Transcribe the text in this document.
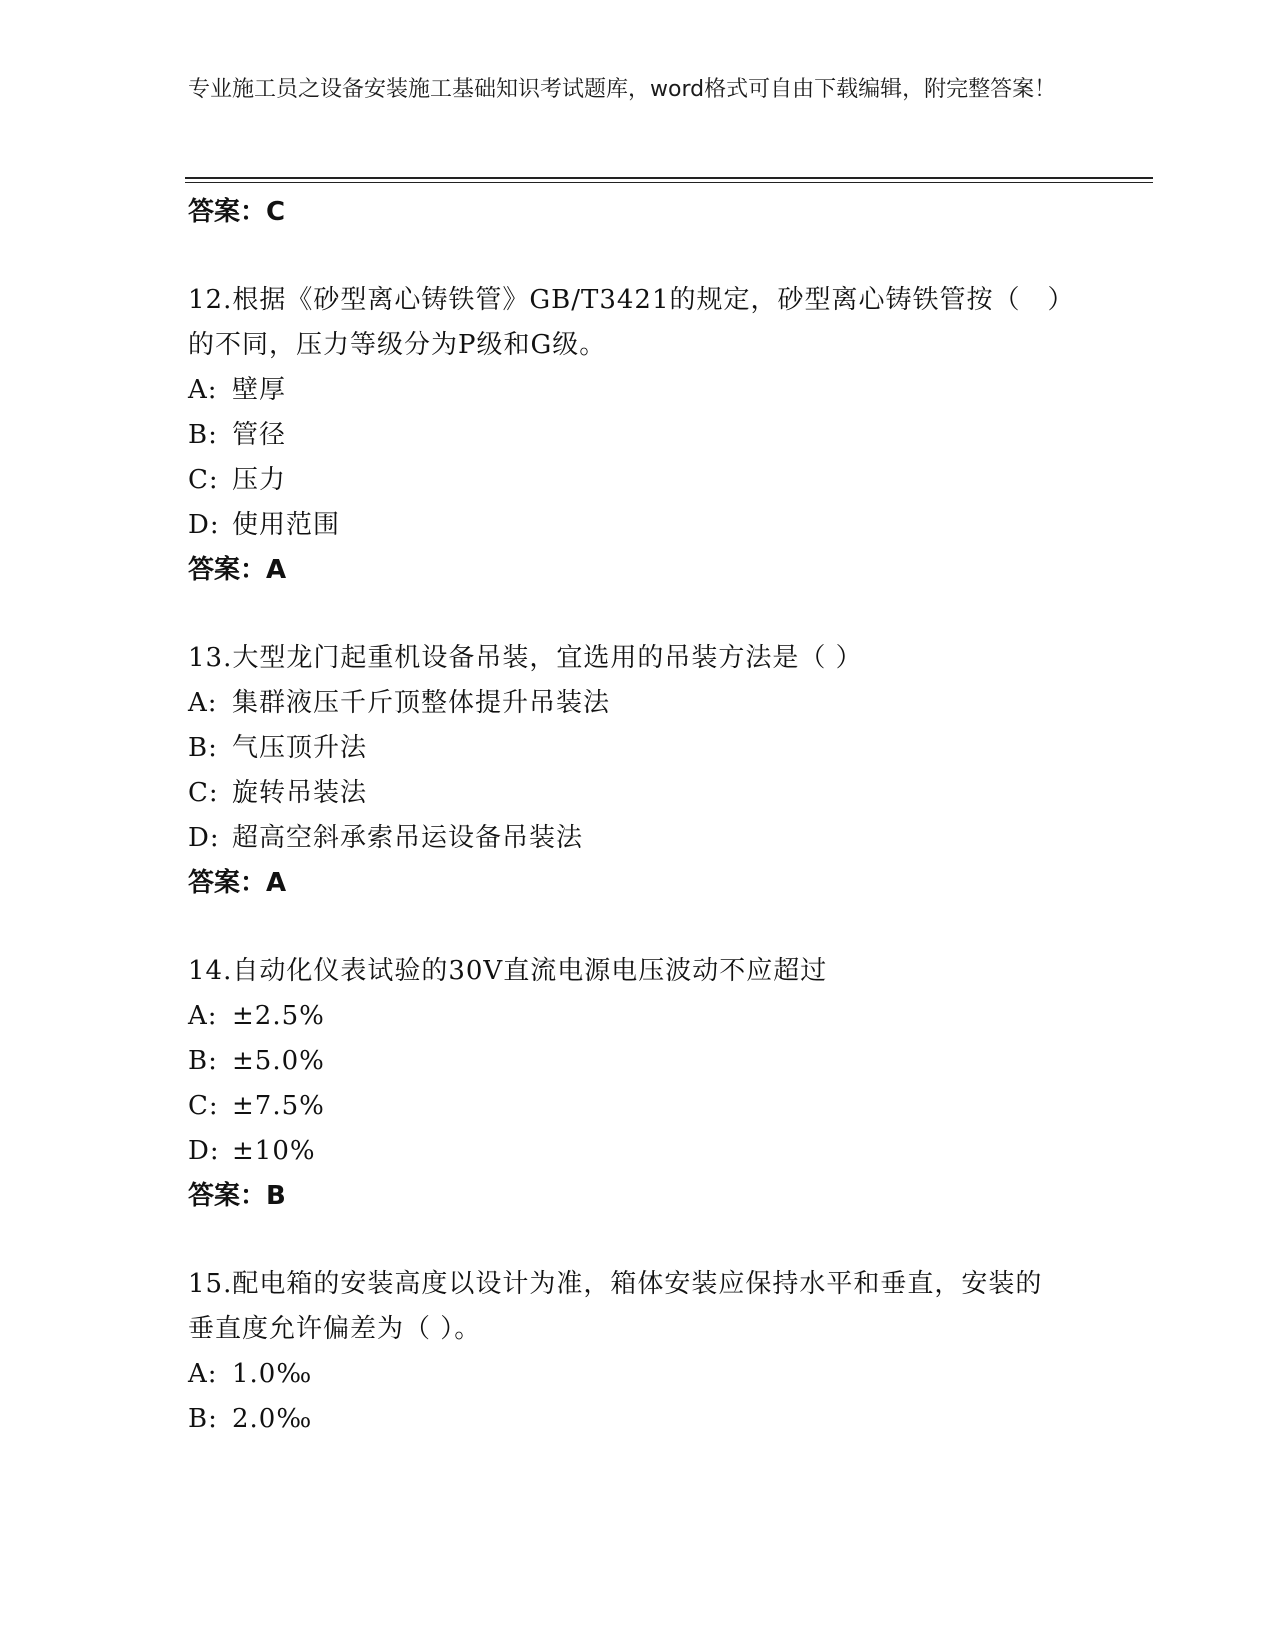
专业施工员之设备安装施工基础知识考试题库，word格式可自由下载编辑，附完整答案！

答案：C

12.根据《砂型离心铸铁管》GB/T3421的规定，砂型离心铸铁管按（　）的不同，压力等级分为P级和G级。

A: 壁厚

B: 管径

C: 压力

D: 使用范围

答案：A

13.大型龙门起重机设备吊装，宜选用的吊装方法是（ ）

A: 集群液压千斤顶整体提升吊装法

B: 气压顶升法

C: 旋转吊装法

D: 超高空斜承索吊运设备吊装法

答案：A

14.自动化仪表试验的30V直流电源电压波动不应超过

A: ±2.5%

B: ±5.0%

C: ±7.5%

D: ±10%

答案：B

15.配电箱的安装高度以设计为准，箱体安装应保持水平和垂直，安装的垂直度允许偏差为（ ）。

A: 1.0‰

B: 2.0‰
